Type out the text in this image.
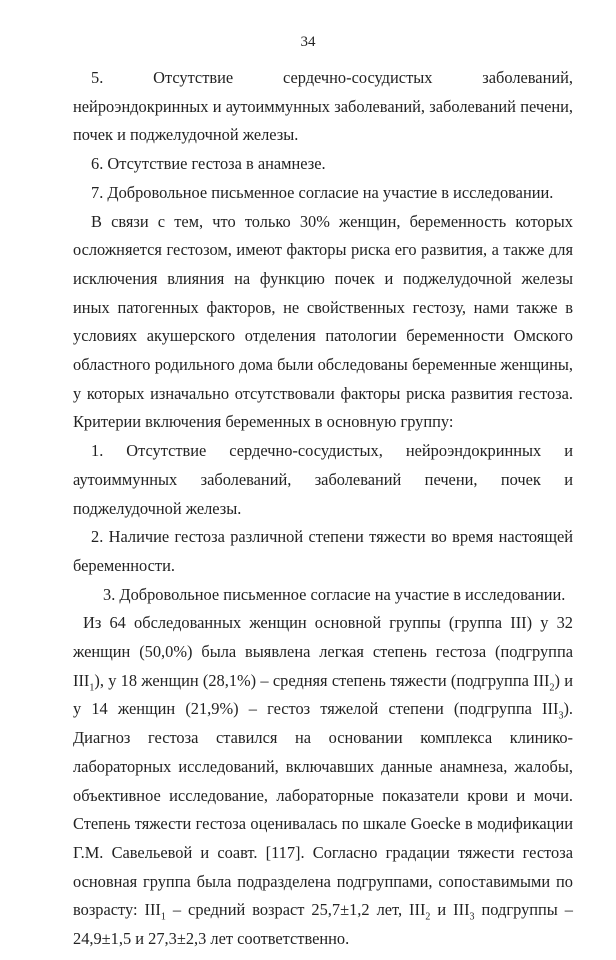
34

5. Отсутствие сердечно-сосудистых заболеваний, нейроэндокринных и аутоиммунных заболеваний, заболеваний печени, почек и поджелудочной железы.

6. Отсутствие гестоза в анамнезе.

7. Добровольное письменное согласие на участие в исследовании.

В связи с тем, что только 30% женщин, беременность которых осложняется гестозом, имеют факторы риска его развития, а также для исключения влияния на функцию почек и поджелудочной железы иных патогенных факторов, не свойственных гестозу, нами также в условиях акушерского отделения патологии беременности Омского областного родильного дома были обследованы беременные женщины, у которых изначально отсутствовали факторы риска развития гестоза. Критерии включения беременных в основную группу:

1. Отсутствие сердечно-сосудистых, нейроэндокринных и аутоиммунных заболеваний, заболеваний печени, почек и поджелудочной железы.

2. Наличие гестоза различной степени тяжести во время настоящей беременности.

3. Добровольное письменное согласие на участие в исследовании.

Из 64 обследованных женщин основной группы (группа III) у 32 женщин (50,0%) была выявлена легкая степень гестоза (подгруппа $III_1$), у 18 женщин (28,1%) – средняя степень тяжести (подгруппа $III_2$) и у 14 женщин (21,9%) – гестоз тяжелой степени (подгруппа $III_3$). Диагноз гестоза ставился на основании комплекса клинико-лабораторных исследований, включавших данные анамнеза, жалобы, объективное исследование, лабораторные показатели крови и мочи. Степень тяжести гестоза оценивалась по шкале Goecke в модификации Г.М. Савельевой и соавт. [117]. Согласно градации тяжести гестоза основная группа была подразделена подгруппами, сопоставимыми по возрасту: $III_1$ – средний возраст 25,7±1,2 лет, $III_2$ и $III_3$ подгруппы – 24,9±1,5 и 27,3±2,3 лет соответственно.
